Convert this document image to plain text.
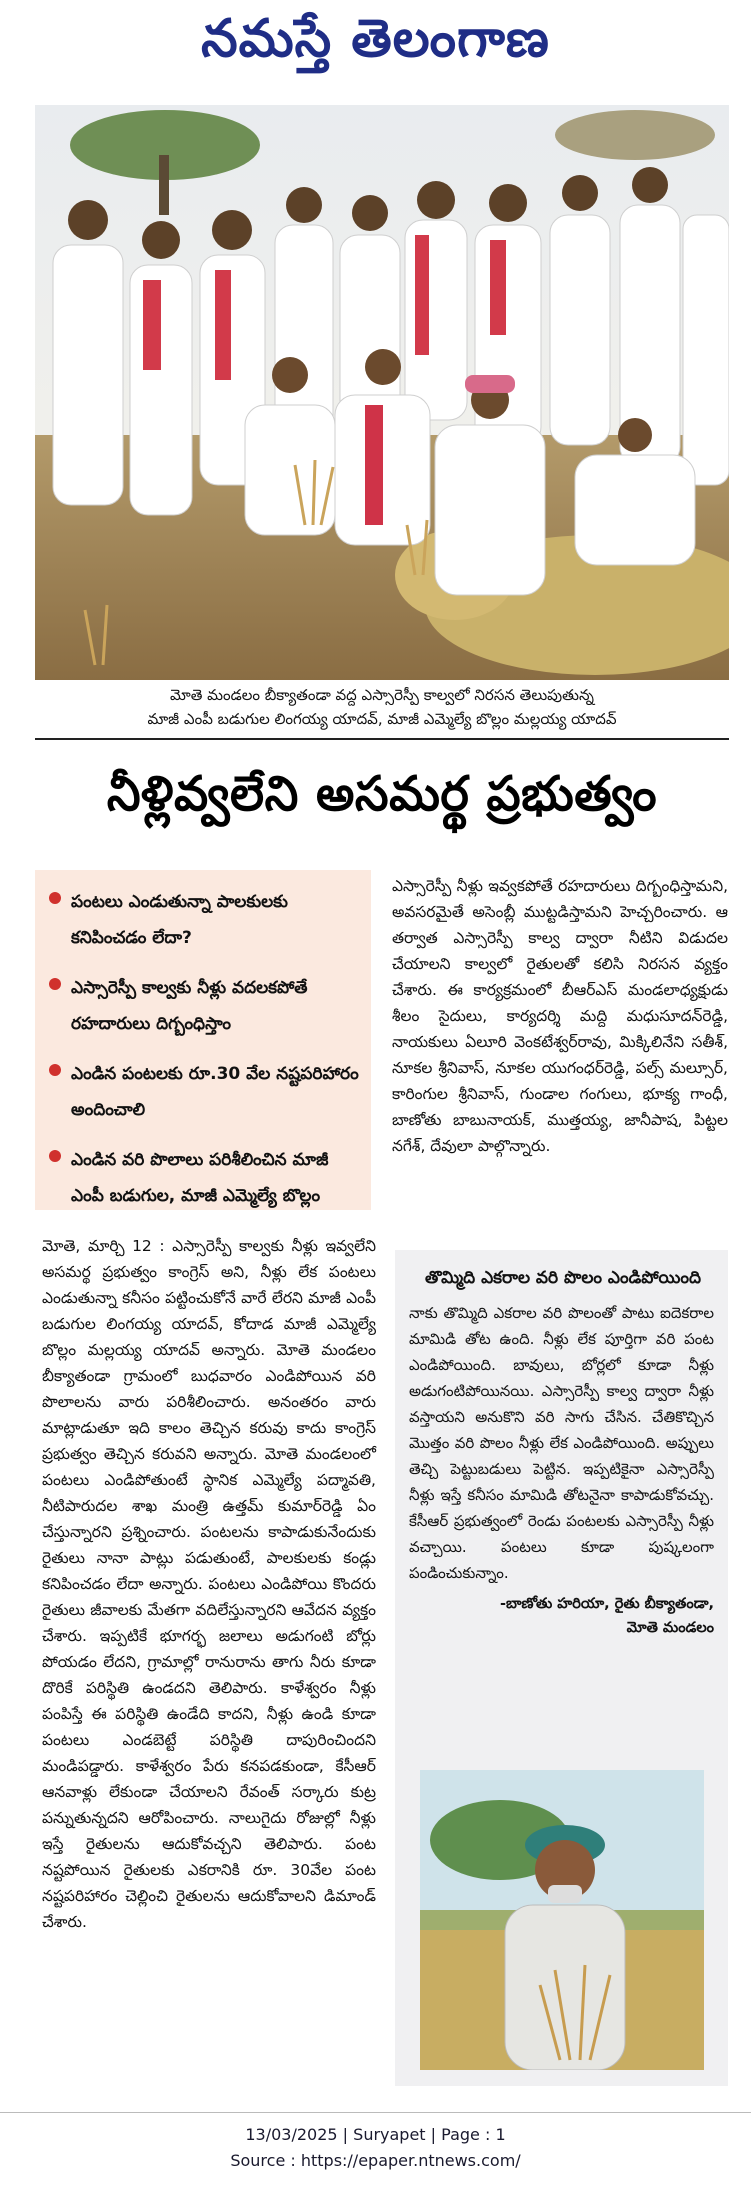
నమస్తే తెలంగాణ
మోతె మండలం బీక్యాతండా వద్ద ఎస్సారెస్పీ కాల్వలో నిరసన తెలుపుతున్న
మాజీ ఎంపీ బడుగుల లింగయ్య యాదవ్, మాజీ ఎమ్మెల్యే బొల్లం మల్లయ్య యాదవ్
నీళ్లివ్వలేని అసమర్థ ప్రభుత్వం
పంటలు ఎండుతున్నా పాలకులకు కనిపించడం లేదా?
ఎస్సారెస్పీ కాల్వకు నీళ్లు వదలకపోతే రహదారులు దిగ్బంధిస్తాం
ఎండిన పంటలకు రూ.30 వేల నష్టపరిహారం అందించాలి
ఎండిన వరి పొలాలు పరిశీలించిన మాజీ ఎంపీ బడుగుల, మాజీ ఎమ్మెల్యే బొల్లం
ఎస్సారెస్పీ నీళ్లు ఇవ్వకపోతే రహదారులు దిగ్బంధిస్తామని, అవసరమైతే అసెంబ్లీ ముట్టడిస్తామని హెచ్చరించారు. ఆ తర్వాత ఎస్సారెస్పీ కాల్వ ద్వారా నీటిని విడుదల చేయాలని కాల్వలో రైతులతో కలిసి నిరసన వ్యక్తం చేశారు. ఈ కార్యక్రమంలో బీఆర్ఎస్ మండలాధ్యక్షుడు శీలం సైదులు, కార్యదర్శి మద్ది మధుసూదన్‌రెడ్డి, నాయకులు ఏలూరి వెంకటేశ్వర్‌రావు, మిక్కిలినేని సతీశ్, నూకల శ్రీనివాస్, నూకల యుగంధర్‌రెడ్డి, పల్స్ మల్సూర్, కారింగుల శ్రీనివాస్, గుండాల గంగులు, భూక్య గాంధీ, బాణోతు బాబునాయక్, ముత్తయ్య, జానీపాష, పిట్టల నగేశ్, దేవులా పాల్గొన్నారు.
మోతె, మార్చి 12 : ఎస్సారెస్పీ కాల్వకు నీళ్లు ఇవ్వలేని అసమర్థ ప్రభుత్వం కాంగ్రెస్ అని, నీళ్లు లేక పంటలు ఎండుతున్నా కనీసం పట్టించుకోనే వారే లేరని మాజీ ఎంపీ బడుగుల లింగయ్య యాదవ్, కోదాడ మాజీ ఎమ్మెల్యే బొల్లం మల్లయ్య యాదవ్ అన్నారు. మోతె మండలం బీక్యాతండా గ్రామంలో బుధవారం ఎండిపోయిన వరి పొలాలను వారు పరిశీలించారు. అనంతరం వారు మాట్లాడుతూ ఇది కాలం తెచ్చిన కరువు కాదు కాంగ్రెస్ ప్రభుత్వం తెచ్చిన కరువని అన్నారు. మోతె మండలంలో పంటలు ఎండిపోతుంటే స్థానిక ఎమ్మెల్యే పద్మావతి, నీటిపారుదల శాఖ మంత్రి ఉత్తమ్ కుమార్‌రెడ్డి ఏం చేస్తున్నారని ప్రశ్నించారు. పంటలను కాపాడుకునేందుకు రైతులు నానా పాట్లు పడుతుంటే, పాలకులకు కండ్లు కనిపించడం లేదా అన్నారు. పంటలు ఎండిపోయి కొందరు రైతులు జీవాలకు మేతగా వదిలేస్తున్నారని ఆవేదన వ్యక్తం చేశారు. ఇప్పటికే భూగర్భ జలాలు అడుగంటి బోర్లు పోయడం లేదని, గ్రామాల్లో రానురాను తాగు నీరు కూడా దొరికే పరిస్థితి ఉండదని తెలిపారు. కాళేశ్వరం నీళ్లు పంపిస్తే ఈ పరిస్థితి ఉండేది కాదని, నీళ్లు ఉండి కూడా పంటలు ఎండబెట్టే పరిస్థితి దాపురించిందని మండిపడ్డారు. కాళేశ్వరం పేరు కనపడకుండా, కేసీఆర్ ఆనవాళ్లు లేకుండా చేయాలని రేవంత్ సర్కారు కుట్ర పన్నుతున్నదని ఆరోపించారు. నాలుగైదు రోజుల్లో నీళ్లు ఇస్తే రైతులను ఆదుకోవచ్చని తెలిపారు. పంట నష్టపోయిన రైతులకు ఎకరానికి రూ. 30వేల పంట నష్టపరిహారం చెల్లించి రైతులను ఆదుకోవాలని డిమాండ్ చేశారు.
తొమ్మిది ఎకరాల వరి పొలం ఎండిపోయింది
నాకు తొమ్మిది ఎకరాల వరి పొలంతో పాటు ఐదెకరాల మామిడి తోట ఉంది. నీళ్లు లేక పూర్తిగా వరి పంట ఎండిపోయింది. బావులు, బోర్లలో కూడా నీళ్లు అడుగంటిపోయినయి. ఎస్సారెస్పీ కాల్వ ద్వారా నీళ్లు వస్తాయని అనుకొని వరి సాగు చేసిన. చేతికొచ్చిన మొత్తం వరి పొలం నీళ్లు లేక ఎండిపోయింది. అప్పులు తెచ్చి పెట్టుబడులు పెట్టిన. ఇప్పటికైనా ఎస్సారెస్పీ నీళ్లు ఇస్తే కనీసం మామిడి తోటనైనా కాపాడుకోవచ్చు. కేసీఆర్ ప్రభుత్వంలో రెండు పంటలకు ఎస్సారెస్పీ నీళ్లు వచ్చాయి. పంటలు కూడా పుష్కలంగా పండించుకున్నాం.
-బాణోతు హరియా, రైతు బీక్యాతండా,
మోతె మండలం
13/03/2025 | Suryapet | Page : 1
Source : https://epaper.ntnews.com/
